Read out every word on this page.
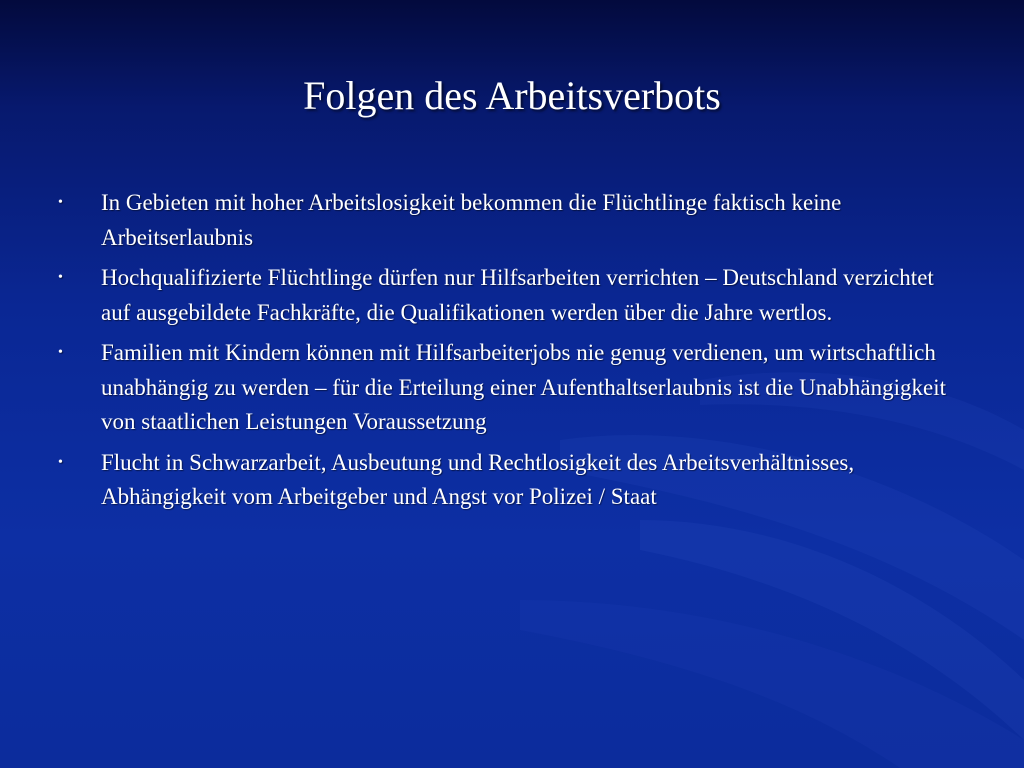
Folgen des Arbeitsverbots
• In Gebieten mit hoher Arbeitslosigkeit bekommen die Flüchtlinge faktisch keine Arbeitserlaubnis
• Hochqualifizierte Flüchtlinge dürfen nur Hilfsarbeiten verrichten – Deutschland verzichtet auf ausgebildete Fachkräfte, die Qualifikationen werden über die Jahre wertlos.
• Familien mit Kindern können mit Hilfsarbeiterjobs nie genug verdienen, um wirtschaftlich unabhängig zu werden – für die Erteilung einer Aufenthaltserlaubnis ist die Unabhängigkeit von staatlichen Leistungen Voraussetzung
• Flucht in Schwarzarbeit, Ausbeutung und Rechtlosigkeit des Arbeitsverhältnisses, Abhängigkeit vom Arbeitgeber und Angst vor Polizei / Staat
